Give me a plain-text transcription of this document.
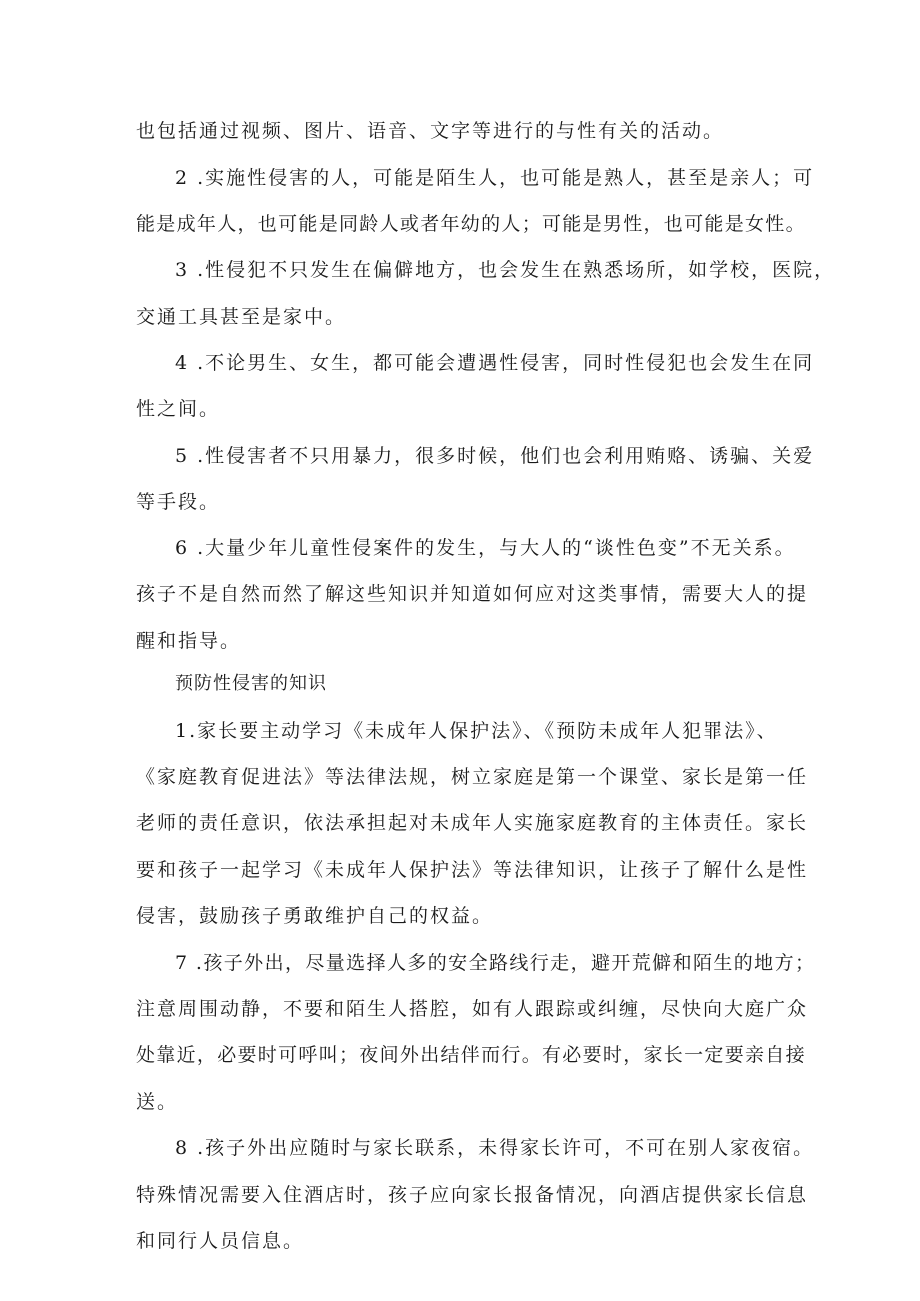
也包括通过视频、图片、语音、文字等进行的与性有关的活动。
2 .实施性侵害的人，可能是陌生人，也可能是熟人，甚至是亲人；可
能是成年人，也可能是同龄人或者年幼的人；可能是男性，也可能是女性。
3 .性侵犯不只发生在偏僻地方，也会发生在熟悉场所，如学校，医院，
交通工具甚至是家中。
4 .不论男生、女生，都可能会遭遇性侵害，同时性侵犯也会发生在同
性之间。
5 .性侵害者不只用暴力，很多时候，他们也会利用贿赂、诱骗、关爱
等手段。
6 .大量少年儿童性侵案件的发生，与大人的“谈性色变”不无关系。
孩子不是自然而然了解这些知识并知道如何应对这类事情，需要大人的提
醒和指导。
预防性侵害的知识
1.家长要主动学习《未成年人保护法》、《预防未成年人犯罪法》、
《家庭教育促进法》等法律法规，树立家庭是第一个课堂、家长是第一任
老师的责任意识，依法承担起对未成年人实施家庭教育的主体责任。家长
要和孩子一起学习《未成年人保护法》等法律知识，让孩子了解什么是性
侵害，鼓励孩子勇敢维护自己的权益。
7 .孩子外出，尽量选择人多的安全路线行走，避开荒僻和陌生的地方；
注意周围动静，不要和陌生人搭腔，如有人跟踪或纠缠，尽快向大庭广众
处靠近，必要时可呼叫；夜间外出结伴而行。有必要时，家长一定要亲自接
送。
8 .孩子外出应随时与家长联系，未得家长许可，不可在别人家夜宿。
特殊情况需要入住酒店时，孩子应向家长报备情况，向酒店提供家长信息
和同行人员信息。
